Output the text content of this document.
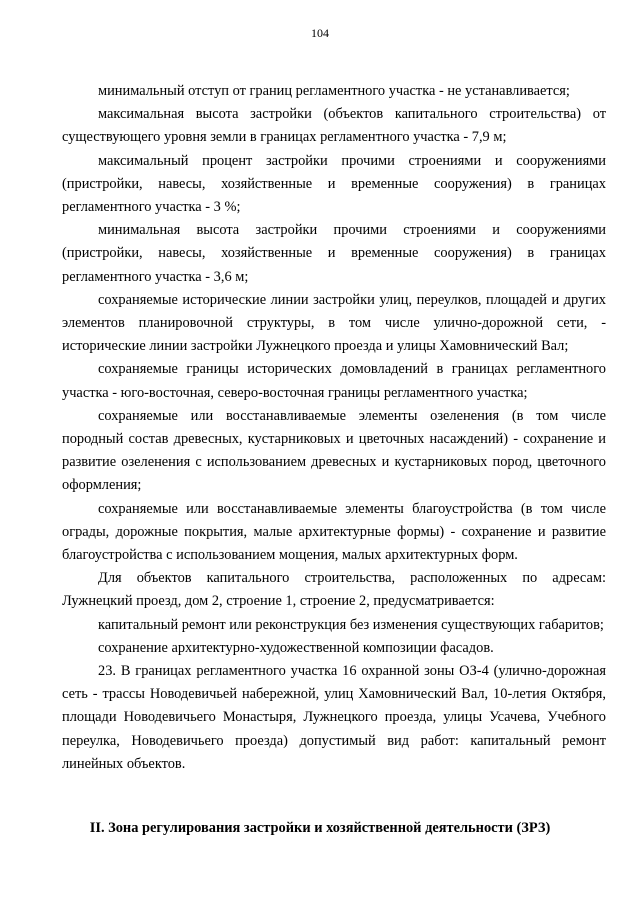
104

минимальный отступ от границ регламентного участка - не устанавливается;

максимальная высота застройки (объектов капитального строительства) от существующего уровня земли в границах регламентного участка - 7,9 м;

максимальный процент застройки прочими строениями и сооружениями (пристройки, навесы, хозяйственные и временные сооружения) в границах регламентного участка - 3 %;

минимальная высота застройки прочими строениями и сооружениями (пристройки, навесы, хозяйственные и временные сооружения) в границах регламентного участка - 3,6 м;

сохраняемые исторические линии застройки улиц, переулков, площадей и других элементов планировочной структуры, в том числе улично-дорожной сети, - исторические линии застройки Лужнецкого проезда и улицы Хамовнический Вал;

сохраняемые границы исторических домовладений в границах регламентного участка - юго-восточная, северо-восточная границы регламентного участка;

сохраняемые или восстанавливаемые элементы озеленения (в том числе породный состав древесных, кустарниковых и цветочных насаждений) - сохранение и развитие озеленения с использованием древесных и кустарниковых пород, цветочного оформления;

сохраняемые или восстанавливаемые элементы благоустройства (в том числе ограды, дорожные покрытия, малые архитектурные формы) - сохранение и развитие благоустройства с использованием мощения, малых архитектурных форм.

Для объектов капитального строительства, расположенных по адресам: Лужнецкий проезд, дом 2, строение 1, строение 2, предусматривается:

капитальный ремонт или реконструкция без изменения существующих габаритов;

сохранение архитектурно-художественной композиции фасадов.

23. В границах регламентного участка 16 охранной зоны ОЗ-4 (улично-дорожная сеть - трассы Новодевичьей набережной, улиц Хамовнический Вал, 10-летия Октября, площади Новодевичьего Монастыря, Лужнецкого проезда, улицы Усачева, Учебного переулка, Новодевичьего проезда) допустимый вид работ: капитальный ремонт линейных объектов.

II. Зона регулирования застройки и хозяйственной деятельности (ЗРЗ)
